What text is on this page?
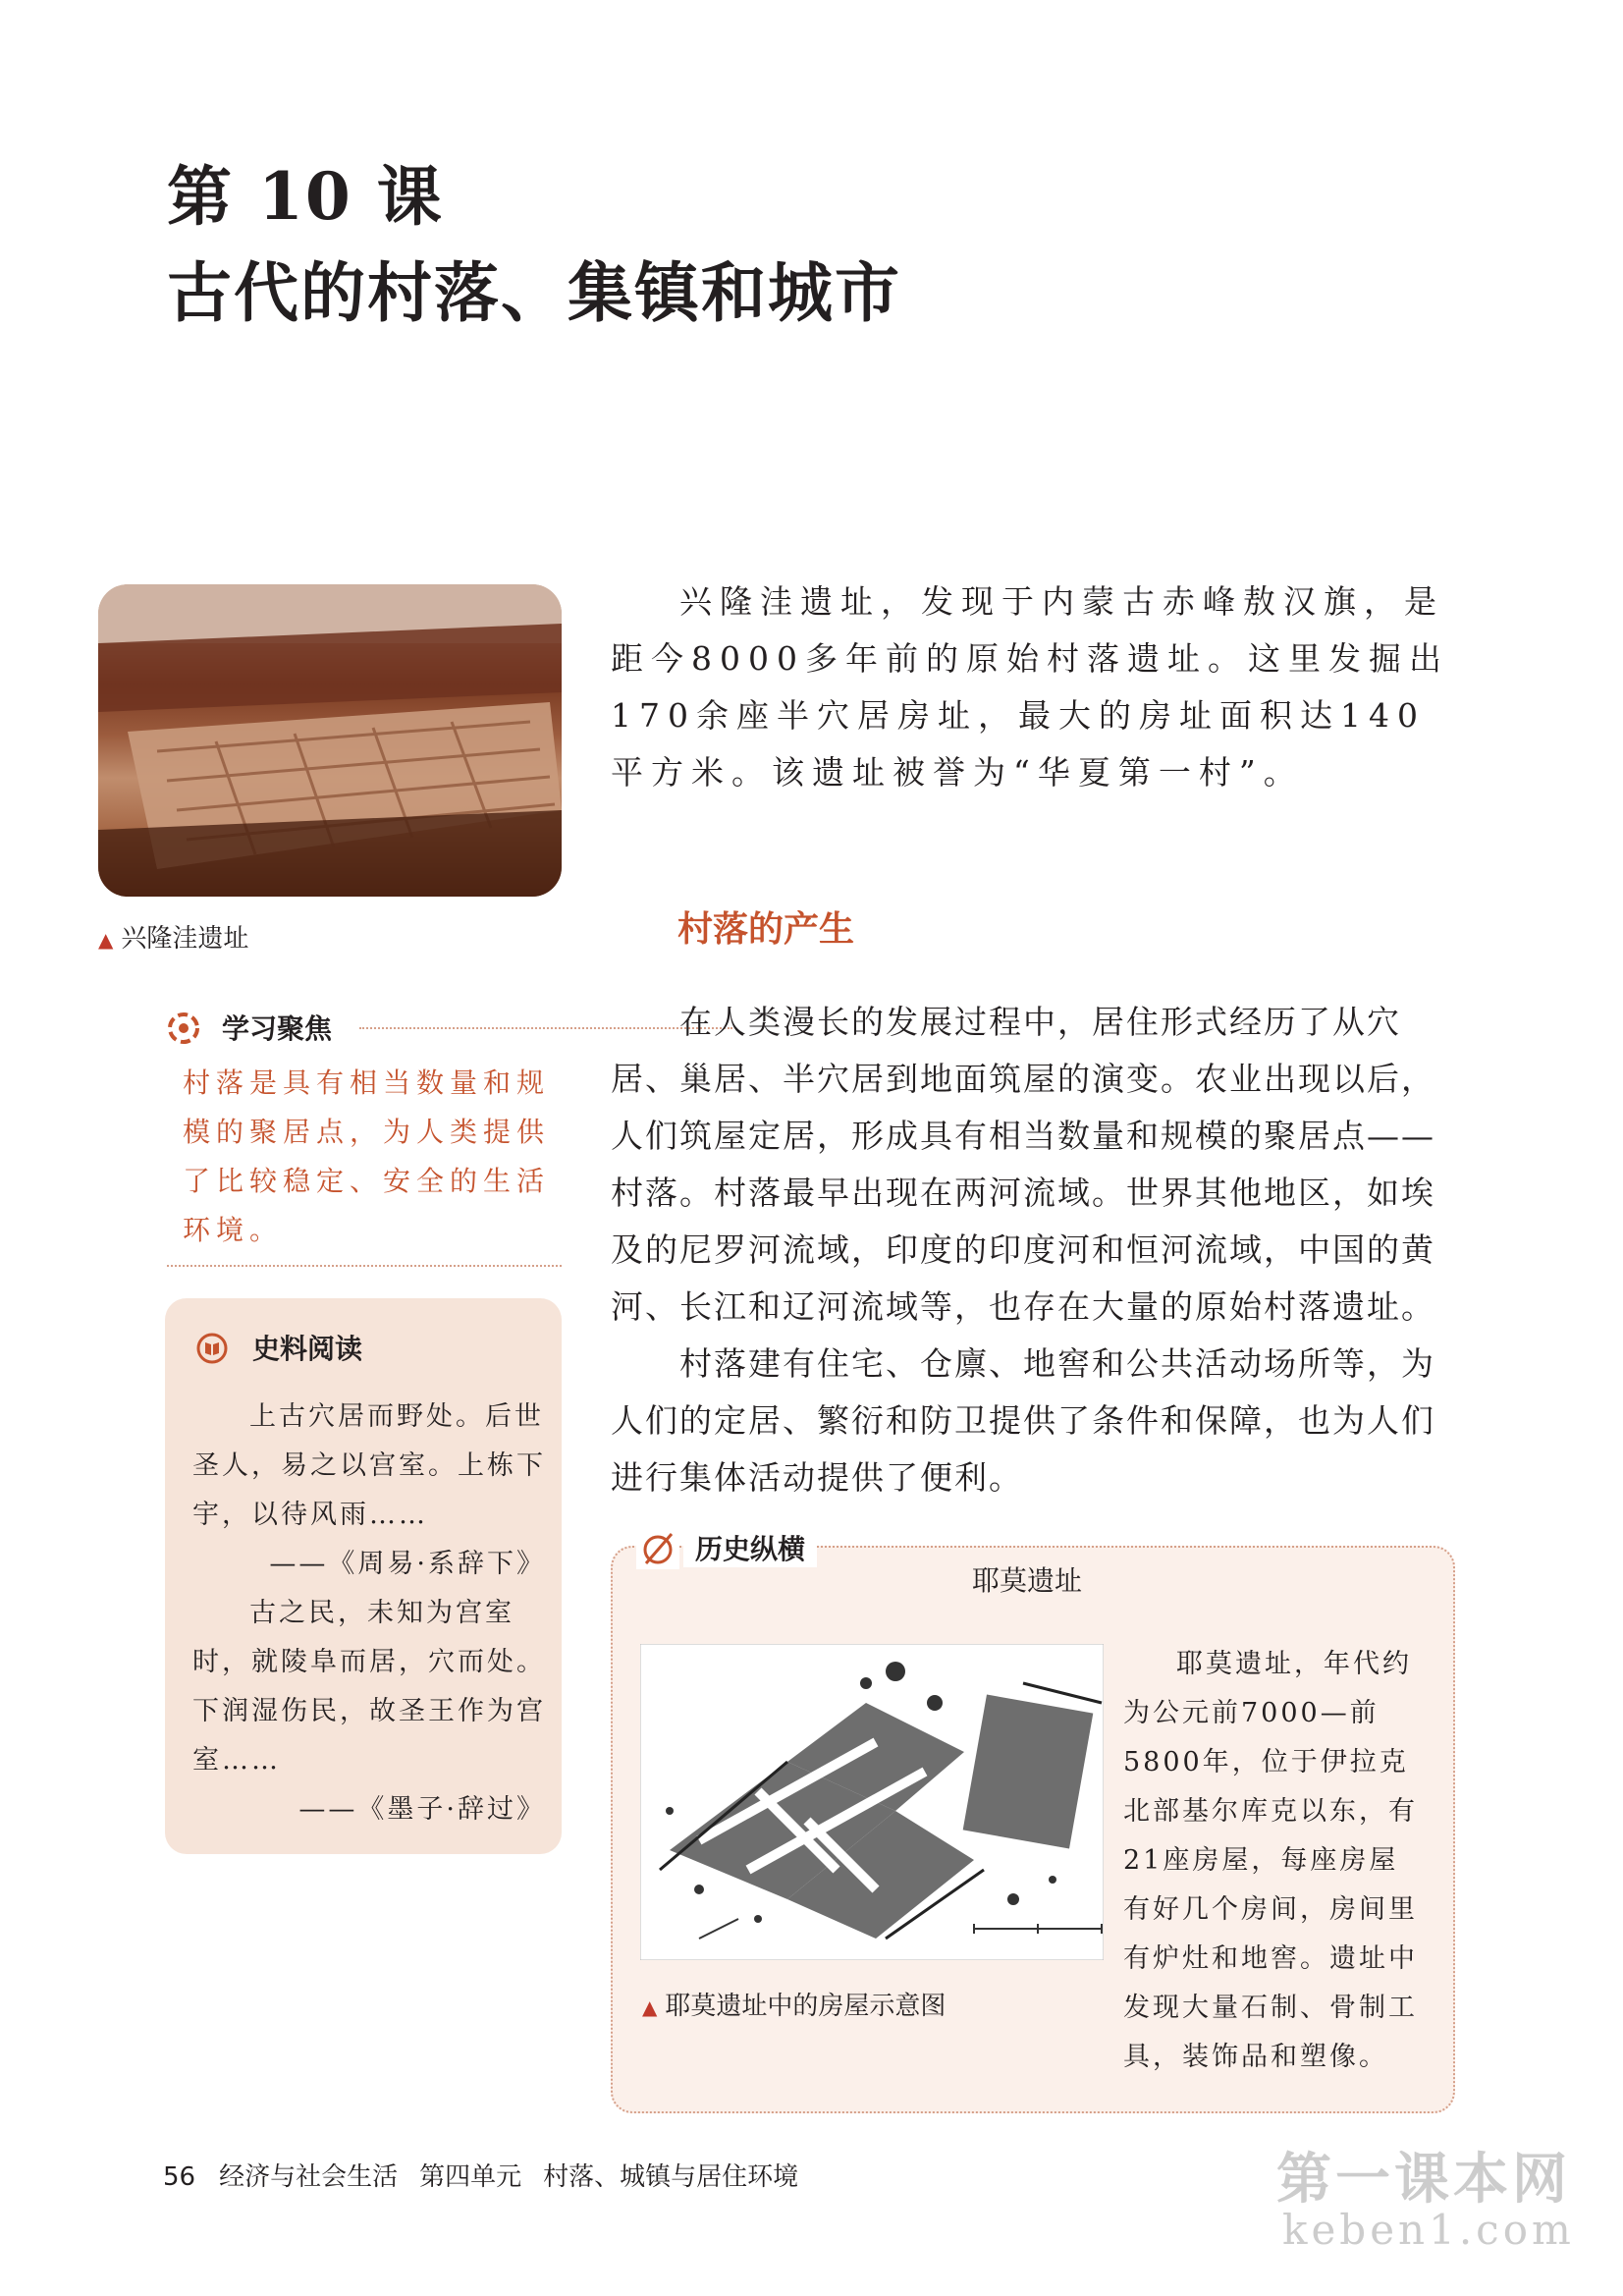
第 10 课
古代的村落、集镇和城市
▲ 兴隆洼遗址
学习聚焦
村落是具有相当数量和规模的聚居点，为人类提供了比较稳定、安全的生活环境。
史料阅读
上古穴居而野处。后世圣人，易之以宫室。上栋下宇，以待风雨……
——《周易·系辞下》
古之民，未知为宫室时，就陵阜而居，穴而处。下润湿伤民，故圣王作为宫室……
——《墨子·辞过》
兴隆洼遗址，发现于内蒙古赤峰敖汉旗，是距今8000多年前的原始村落遗址。这里发掘出170余座半穴居房址，最大的房址面积达140平方米。该遗址被誉为“华夏第一村”。
村落的产生
在人类漫长的发展过程中，居住形式经历了从穴居、巢居、半穴居到地面筑屋的演变。农业出现以后，人们筑屋定居，形成具有相当数量和规模的聚居点——村落。村落最早出现在两河流域。世界其他地区，如埃及的尼罗河流域，印度的印度河和恒河流域，中国的黄河、长江和辽河流域等，也存在大量的原始村落遗址。
村落建有住宅、仓廪、地窖和公共活动场所等，为人们的定居、繁衍和防卫提供了条件和保障，也为人们进行集体活动提供了便利。
历史纵横
耶莫遗址
▲ 耶莫遗址中的房屋示意图
耶莫遗址，年代约为公元前7000—前5800年，位于伊拉克北部基尔库克以东，有21座房屋，每座房屋有好几个房间，房间里有炉灶和地窖。遗址中发现大量石制、骨制工具，装饰品和塑像。
56 经济与社会生活 第四单元 村落、城镇与居住环境	第一课本网
keben1.com
